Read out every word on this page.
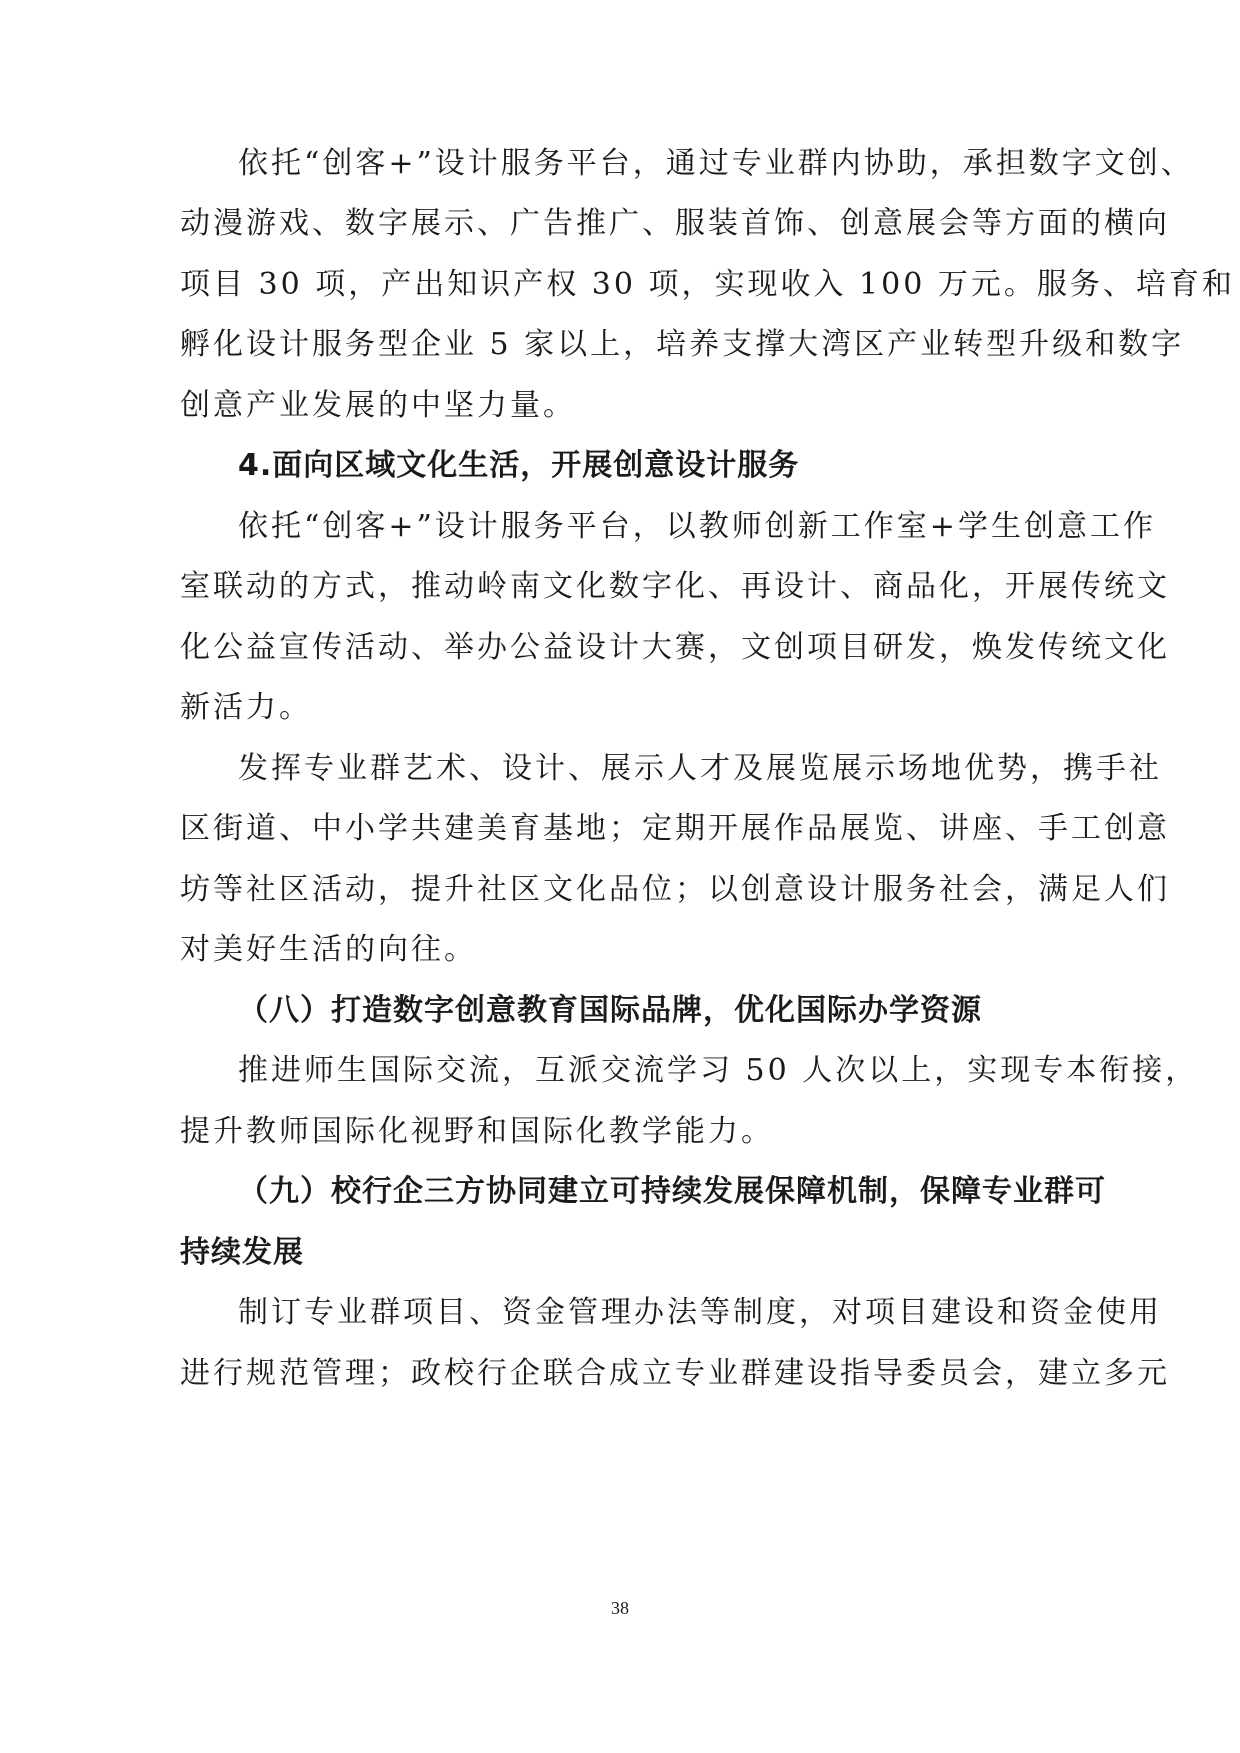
依托“创客+”设计服务平台，通过专业群内协助，承担数字文创、
动漫游戏、数字展示、广告推广、服装首饰、创意展会等方面的横向
项目 30 项，产出知识产权 30 项，实现收入 100 万元。服务、培育和
孵化设计服务型企业 5 家以上，培养支撑大湾区产业转型升级和数字
创意产业发展的中坚力量。
4.面向区域文化生活，开展创意设计服务
依托“创客+”设计服务平台，以教师创新工作室+学生创意工作
室联动的方式，推动岭南文化数字化、再设计、商品化，开展传统文
化公益宣传活动、举办公益设计大赛，文创项目研发，焕发传统文化
新活力。
发挥专业群艺术、设计、展示人才及展览展示场地优势，携手社
区街道、中小学共建美育基地；定期开展作品展览、讲座、手工创意
坊等社区活动，提升社区文化品位；以创意设计服务社会，满足人们
对美好生活的向往。
（八）打造数字创意教育国际品牌，优化国际办学资源
推进师生国际交流，互派交流学习 50 人次以上，实现专本衔接，
提升教师国际化视野和国际化教学能力。
（九）校行企三方协同建立可持续发展保障机制，保障专业群可
持续发展
制订专业群项目、资金管理办法等制度，对项目建设和资金使用
进行规范管理；政校行企联合成立专业群建设指导委员会，建立多元
38
